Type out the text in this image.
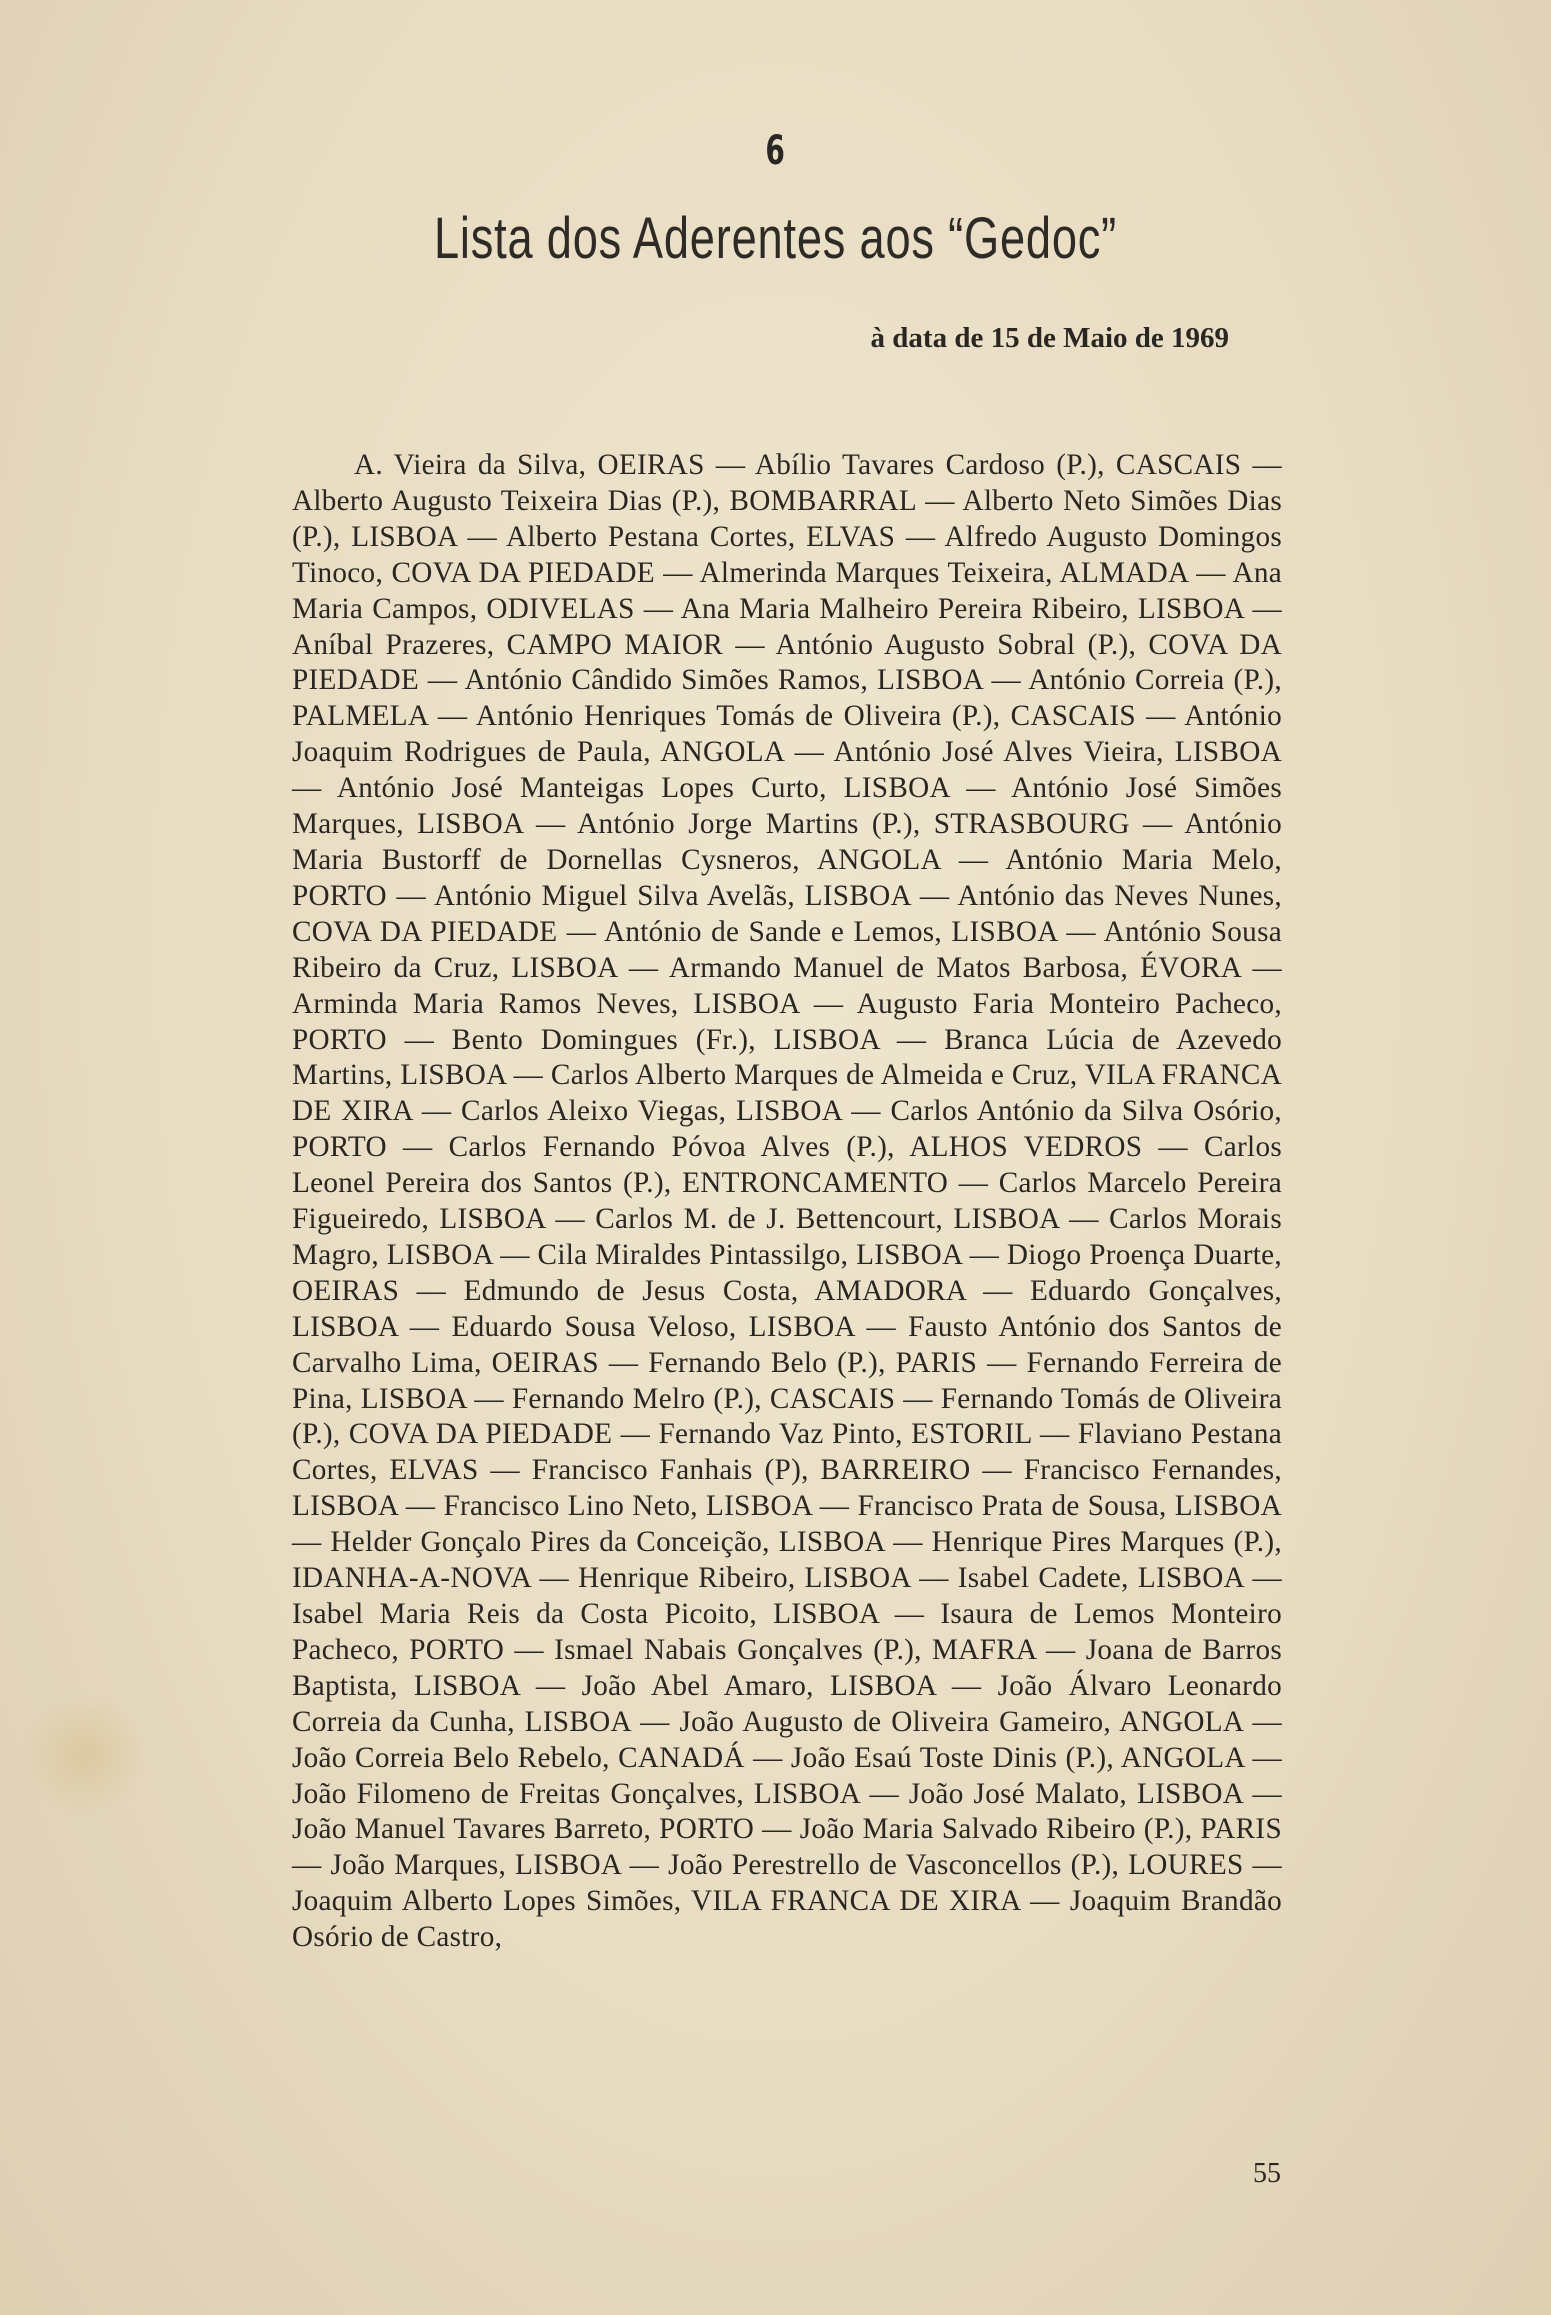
6
Lista dos Aderentes aos “Gedoc”
à data de 15 de Maio de 1969

A. Vieira da Silva, OEIRAS — Abílio Tavares Cardoso (P.), CASCAIS — Alberto Augusto Teixeira Dias (P.), BOMBARRAL — Alberto Neto Simões Dias (P.), LISBOA — Alberto Pestana Cortes, ELVAS — Alfredo Augusto Domingos Tinoco, COVA DA PIEDADE — Almerinda Marques Teixeira, ALMADA — Ana Maria Campos, ODIVELAS — Ana Maria Malheiro Pereira Ribeiro, LISBOA — Aníbal Prazeres, CAMPO MAIOR — António Augusto Sobral (P.), COVA DA PIEDADE — António Cândido Simões Ramos, LISBOA — António Correia (P.), PALMELA — António Henriques Tomás de Oliveira (P.), CASCAIS — António Joaquim Rodrigues de Paula, ANGOLA — António José Alves Vieira, LISBOA — António José Manteigas Lopes Curto, LISBOA — António José Simões Marques, LISBOA — António Jorge Martins (P.), STRASBOURG — António Maria Bustorff de Dornellas Cysneros, ANGOLA — António Maria Melo, PORTO — António Miguel Silva Avelãs, LISBOA — António das Neves Nunes, COVA DA PIEDADE — António de Sande e Lemos, LISBOA — António Sousa Ribeiro da Cruz, LISBOA — Armando Manuel de Matos Barbosa, ÉVORA — Arminda Maria Ramos Neves, LISBOA — Augusto Faria Monteiro Pacheco, PORTO — Bento Domingues (Fr.), LISBOA — Branca Lúcia de Azevedo Martins, LISBOA — Carlos Alberto Marques de Almeida e Cruz, VILA FRANCA DE XIRA — Carlos Aleixo Viegas, LISBOA — Carlos António da Silva Osório, PORTO — Carlos Fernando Póvoa Alves (P.), ALHOS VEDROS — Carlos Leonel Pereira dos Santos (P.), ENTRONCAMENTO — Carlos Marcelo Pereira Figueiredo, LISBOA — Carlos M. de J. Bettencourt, LISBOA — Carlos Morais Magro, LISBOA — Cila Miraldes Pintassilgo, LISBOA — Diogo Proença Duarte, OEIRAS — Edmundo de Jesus Costa, AMADORA — Eduardo Gonçalves, LISBOA — Eduardo Sousa Veloso, LISBOA — Fausto António dos Santos de Carvalho Lima, OEIRAS — Fernando Belo (P.), PARIS — Fernando Ferreira de Pina, LISBOA — Fernando Melro (P.), CASCAIS — Fernando Tomás de Oliveira (P.), COVA DA PIEDADE — Fernando Vaz Pinto, ESTORIL — Flaviano Pestana Cortes, ELVAS — Francisco Fanhais (P), BARREIRO — Francisco Fernandes, LISBOA — Francisco Lino Neto, LISBOA — Francisco Prata de Sousa, LISBOA — Helder Gonçalo Pires da Conceição, LISBOA — Henrique Pires Marques (P.), IDANHA-A-NOVA — Henrique Ribeiro, LISBOA — Isabel Cadete, LISBOA — Isabel Maria Reis da Costa Picoito, LISBOA — Isaura de Lemos Monteiro Pacheco, PORTO — Ismael Nabais Gonçalves (P.), MAFRA — Joana de Barros Baptista, LISBOA — João Abel Amaro, LISBOA — João Álvaro Leonardo Correia da Cunha, LISBOA — João Augusto de Oliveira Gameiro, ANGOLA — João Correia Belo Rebelo, CANADÁ — João Esaú Toste Dinis (P.), ANGOLA — João Filomeno de Freitas Gonçalves, LISBOA — João José Malato, LISBOA — João Manuel Tavares Barreto, PORTO — João Maria Salvado Ribeiro (P.), PARIS — João Marques, LISBOA — João Perestrello de Vasconcellos (P.), LOURES — Joaquim Alberto Lopes Simões, VILA FRANCA DE XIRA — Joaquim Brandão Osório de Castro,

55
